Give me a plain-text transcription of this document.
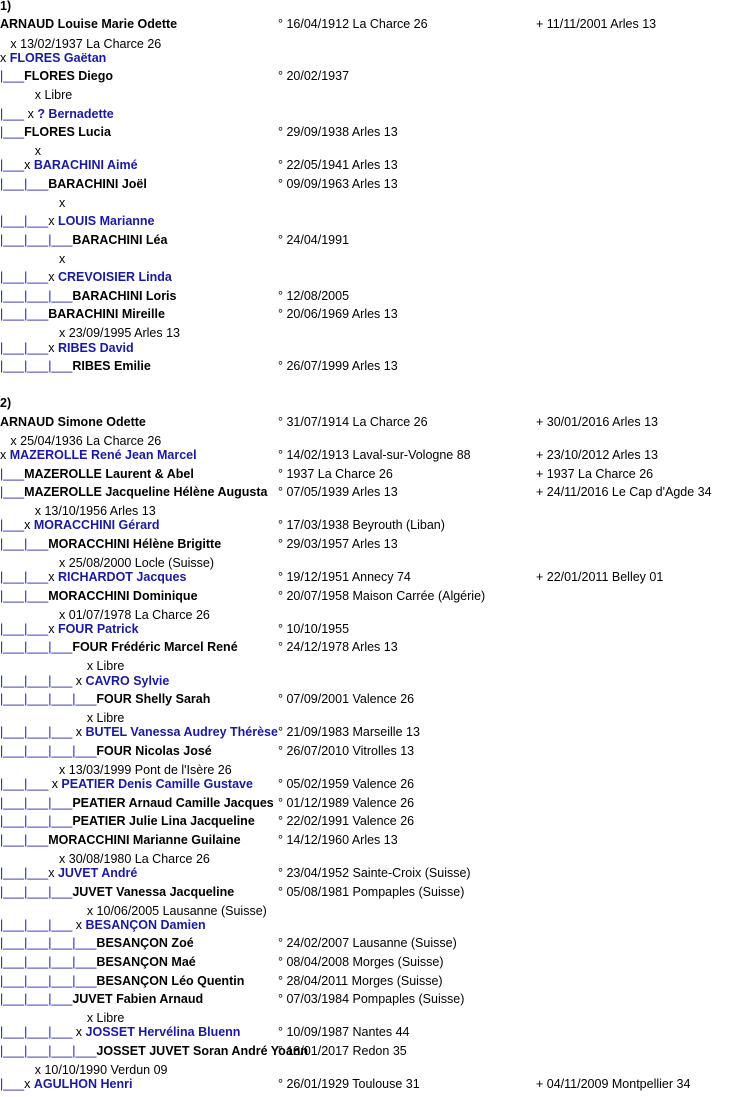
1)
ARNAUD Louise Marie Odette	° 16/04/1912 La Charce 26	+ 11/11/2001 Arles 13
x 13/02/1937 La Charce 26
x FLORES Gaëtan
|___FLORES Diego	° 20/02/1937
x Libre
|___ x ? Bernadette
|___FLORES Lucia	° 29/09/1938 Arles 13
x
|___x BARACHINI Aimé	° 22/05/1941 Arles 13
|___|___BARACHINI Joël	° 09/09/1963 Arles 13
x
|___|___x LOUIS Marianne
|___|___|___BARACHINI Léa	° 24/04/1991
x
|___|___x CREVOISIER Linda
|___|___|___BARACHINI Loris	° 12/08/2005
|___|___BARACHINI Mireille	° 20/06/1969 Arles 13
x 23/09/1995 Arles 13
|___|___x RIBES David
|___|___|___RIBES Emilie	° 26/07/1999 Arles 13
2)
ARNAUD Simone Odette	° 31/07/1914 La Charce 26	+ 30/01/2016 Arles 13
x 25/04/1936 La Charce 26
x MAZEROLLE René Jean Marcel	° 14/02/1913 Laval-sur-Vologne 88	+ 23/10/2012 Arles 13
|___MAZEROLLE Laurent & Abel	° 1937 La Charce 26	+ 1937 La Charce 26
|___MAZEROLLE Jacqueline Hélène Augusta ° 07/05/1939 Arles 13	+ 24/11/2016 Le Cap d'Agde 34
x 13/10/1956 Arles 13
|___x MORACCHINI Gérard	° 17/03/1938 Beyrouth (Liban)
|___|___MORACCHINI Hélène Brigitte	° 29/03/1957 Arles 13
x 25/08/2000 Locle (Suisse)
|___|___x RICHARDOT Jacques	° 19/12/1951 Annecy 74	+ 22/01/2011 Belley 01
|___|___MORACCHINI Dominique	° 20/07/1958 Maison Carrée (Algérie)
x 01/07/1978 La Charce 26
|___|___x FOUR Patrick	° 10/10/1955
|___|___|___FOUR Frédéric Marcel René	° 24/12/1978 Arles 13
x Libre
|___|___|___ x CAVRO Sylvie
|___|___|___|___FOUR Shelly Sarah	° 07/09/2001 Valence 26
x Libre
|___|___|___ x BUTEL Vanessa Audrey Thérèse ° 21/09/1983 Marseille 13
|___|___|___|___FOUR Nicolas José	° 26/07/2010 Vitrolles 13
x 13/03/1999 Pont de l'Isère 26
|___|___ x PEATIER Denis Camille Gustave ° 05/02/1959 Valence 26
|___|___|___PEATIER Arnaud Camille Jacques ° 01/12/1989 Valence 26
|___|___|___PEATIER Julie Lina Jacqueline ° 22/02/1991 Valence 26
|___|___MORACCHINI Marianne Guilaine	° 14/12/1960 Arles 13
x 30/08/1980 La Charce 26
|___|___x JUVET André	° 23/04/1952 Sainte-Croix (Suisse)
|___|___|___JUVET Vanessa Jacqueline	° 05/08/1981 Pompaples (Suisse)
x 10/06/2005 Lausanne (Suisse)
|___|___|___ x BESANÇON Damien
|___|___|___|___BESANÇON Zoé	° 24/02/2007 Lausanne (Suisse)
|___|___|___|___BESANÇON Maé	° 08/04/2008 Morges (Suisse)
|___|___|___|___BESANÇON Léo Quentin	° 28/04/2011 Morges (Suisse)
|___|___|___JUVET Fabien Arnaud	° 07/03/1984 Pompaples (Suisse)
x Libre
|___|___|___ x JOSSET Hervélina Bluenn	° 10/09/1987 Nantes 44
|___|___|___|___JOSSET JUVET Soran André Yoann
° 18/01/2017 Redon 35
x 10/10/1990 Verdun 09
|___x AGULHON Henri	° 26/01/1929 Toulouse 31	+ 04/11/2009 Montpellier 34
